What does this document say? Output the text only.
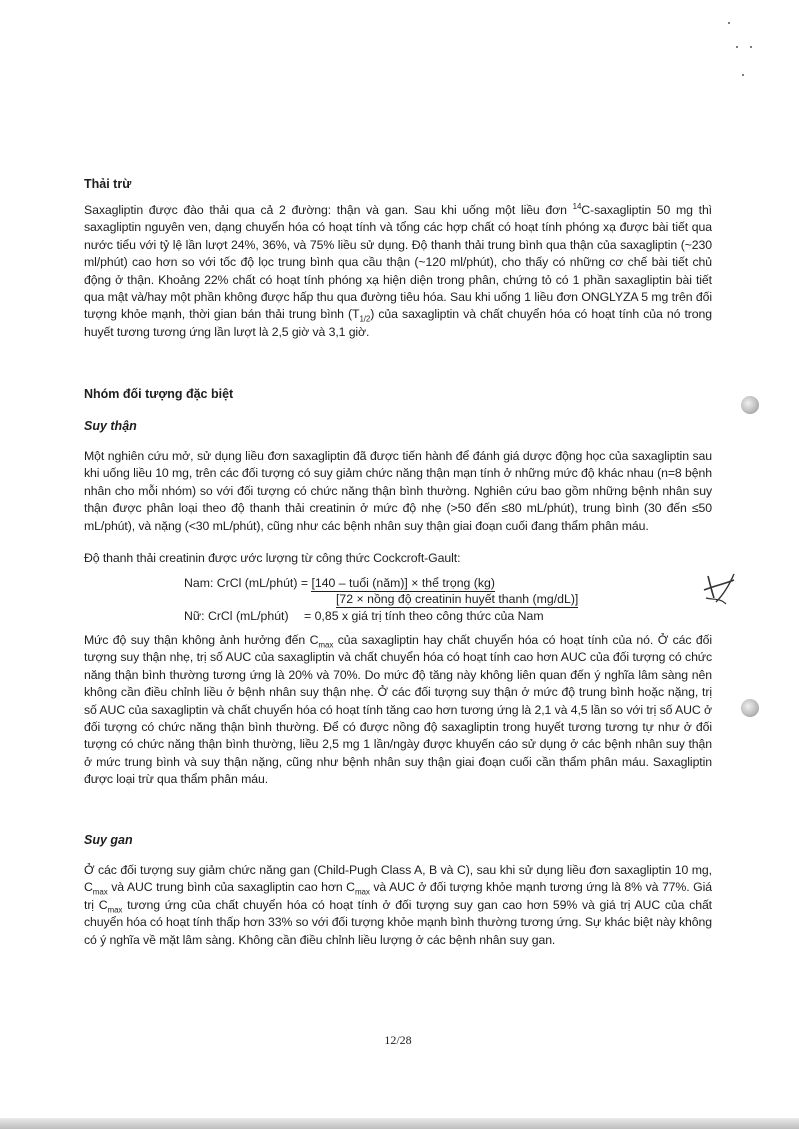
Thải trừ

Saxagliptin được đào thải qua cả 2 đường: thận và gan. Sau khi uống một liều đơn $^{14}$C-saxagliptin 50 mg thì saxagliptin nguyên ven, dạng chuyển hóa có hoạt tính và tổng các hợp chất có hoạt tính phóng xạ được bài tiết qua nước tiểu với tỷ lệ lần lượt 24%, 36%, và 75% liều sử dụng. Độ thanh thải trung bình qua thận của saxagliptin (~230 ml/phút) cao hơn so với tốc độ lọc trung bình qua cầu thận (~120 ml/phút), cho thấy có những cơ chế bài tiết chủ động ở thận. Khoảng 22% chất có hoạt tính phóng xạ hiện diện trong phân, chứng tỏ có 1 phần saxagliptin bài tiết qua mật và/hay một phần không được hấp thu qua đường tiêu hóa. Sau khi uống 1 liều đơn ONGLYZA 5 mg trên đối tượng khỏe mạnh, thời gian bán thải trung bình $(T_{1/2})$ của saxagliptin và chất chuyển hóa có hoạt tính của nó trong huyết tương tương ứng lần lượt là 2,5 giờ và 3,1 giờ.

Nhóm đối tượng đặc biệt
Suy thận

Một nghiên cứu mở, sử dụng liều đơn saxagliptin đã được tiến hành để đánh giá dược động học của saxagliptin sau khi uống liều 10 mg, trên các đối tượng có suy giảm chức năng thận mạn tính ở những mức độ khác nhau (n=8 bệnh nhân cho mỗi nhóm) so với đối tượng có chức năng thận bình thường. Nghiên cứu bao gồm những bệnh nhân suy thận được phân loại theo độ thanh thải creatinin ở mức độ nhẹ (>50 đến ≤80 mL/phút), trung bình (30 đến ≤50 mL/phút), và nặng (<30 mL/phút), cũng như các bệnh nhân suy thận giai đoạn cuối đang thẩm phân máu.

Độ thanh thải creatinin được ước lượng từ công thức Cockcroft-Gault:

Nam: CrCl (mL/phút) = [140 – tuổi (năm)] × thể trọng (kg)
[72 × nồng độ creatinin huyết thanh (mg/dL)]
Nữ: CrCl (mL/phút) = 0,85 x giá trị tính theo công thức của Nam

Mức độ suy thận không ảnh hưởng đến $C_{max}$ của saxagliptin hay chất chuyển hóa có hoạt tính của nó. Ở các đối tượng suy thận nhẹ, trị số AUC của saxagliptin và chất chuyển hóa có hoạt tính cao hơn AUC của đối tượng có chức năng thận bình thường tương ứng là 20% và 70%. Do mức độ tăng này không liên quan đến ý nghĩa lâm sàng nên không cần điều chỉnh liều ở bệnh nhân suy thận nhẹ. Ở các đối tượng suy thận ở mức độ trung bình hoặc nặng, trị số AUC của saxagliptin và chất chuyển hóa có hoạt tính tăng cao hơn tương ứng là 2,1 và 4,5 lần so với trị số AUC ở đối tượng có chức năng thận bình thường. Để có được nồng độ saxagliptin trong huyết tương tương tự như ở đối tượng có chức năng thận bình thường, liều 2,5 mg 1 lần/ngày được khuyến cáo sử dụng ở các bệnh nhân suy thận ở mức trung bình và suy thận nặng, cũng như bệnh nhân suy thận giai đoạn cuối cần thẩm phân máu. Saxagliptin được loại trừ qua thẩm phân máu.

Suy gan

Ở các đối tượng suy giảm chức năng gan (Child-Pugh Class A, B và C), sau khi sử dụng liều đơn saxagliptin 10 mg, $C_{max}$ và AUC trung bình của saxagliptin cao hơn $C_{max}$ và AUC ở đối tượng khỏe mạnh tương ứng là 8% và 77%. Giá trị $C_{max}$ tương ứng của chất chuyển hóa có hoạt tính ở đối tượng suy gan cao hơn 59% và giá trị AUC của chất chuyển hóa có hoạt tính thấp hơn 33% so với đối tượng khỏe mạnh bình thường tương ứng. Sự khác biệt này không có ý nghĩa về mặt lâm sàng. Không cần điều chỉnh liều lượng ở các bệnh nhân suy gan.

12/28
